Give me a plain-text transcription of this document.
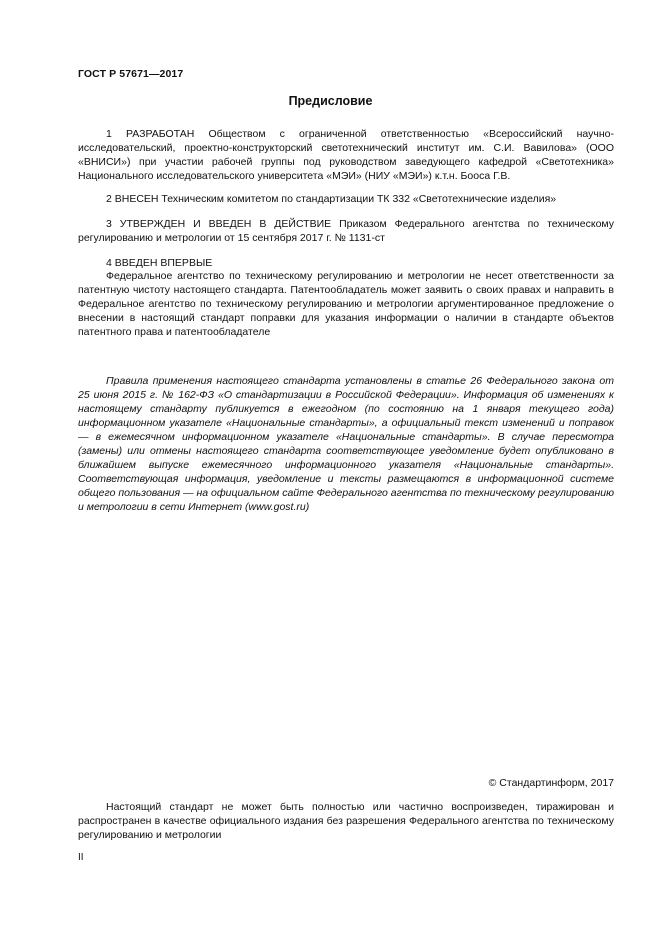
ГОСТ Р 57671—2017
Предисловие

1 РАЗРАБОТАН Обществом с ограниченной ответственностью «Всероссийский научно-исследовательский, проектно-конструкторский светотехнический институт им. С.И. Вавилова» (ООО «ВНИСИ») при участии рабочей группы под руководством заведующего кафедрой «Светотехника» Национального исследовательского университета «МЭИ» (НИУ «МЭИ») к.т.н. Бооса Г.В.

2 ВНЕСЕН Техническим комитетом по стандартизации ТК 332 «Светотехнические изделия»

3 УТВЕРЖДЕН И ВВЕДЕН В ДЕЙСТВИЕ Приказом Федерального агентства по техническому регулированию и метрологии от 15 сентября 2017 г. № 1131-ст

4 ВВЕДЕН ВПЕРВЫЕ

Федеральное агентство по техническому регулированию и метрологии не несет ответственности за патентную чистоту настоящего стандарта. Патентообладатель может заявить о своих правах и направить в Федеральное агентство по техническому регулированию и метрологии аргументированное предложение о внесении в настоящий стандарт поправки для указания информации о наличии в стандарте объектов патентного права и патентообладателе

Правила применения настоящего стандарта установлены в статье 26 Федерального закона от 25 июня 2015 г. № 162-ФЗ «О стандартизации в Российской Федерации». Информация об изменениях к настоящему стандарту публикуется в ежегодном (по состоянию на 1 января текущего года) информационном указателе «Национальные стандарты», а официальный текст изменений и поправок — в ежемесячном информационном указателе «Национальные стандарты». В случае пересмотра (замены) или отмены настоящего стандарта соответствующее уведомление будет опубликовано в ближайшем выпуске ежемесячного информационного указателя «Национальные стандарты». Соответствующая информация, уведомление и тексты размещаются в информационной системе общего пользования — на официальном сайте Федерального агентства по техническому регулированию и метрологии в сети Интернет (www.gost.ru)

© Стандартинформ, 2017

Настоящий стандарт не может быть полностью или частично воспроизведен, тиражирован и распространен в качестве официального издания без разрешения Федерального агентства по техническому регулированию и метрологии

II
